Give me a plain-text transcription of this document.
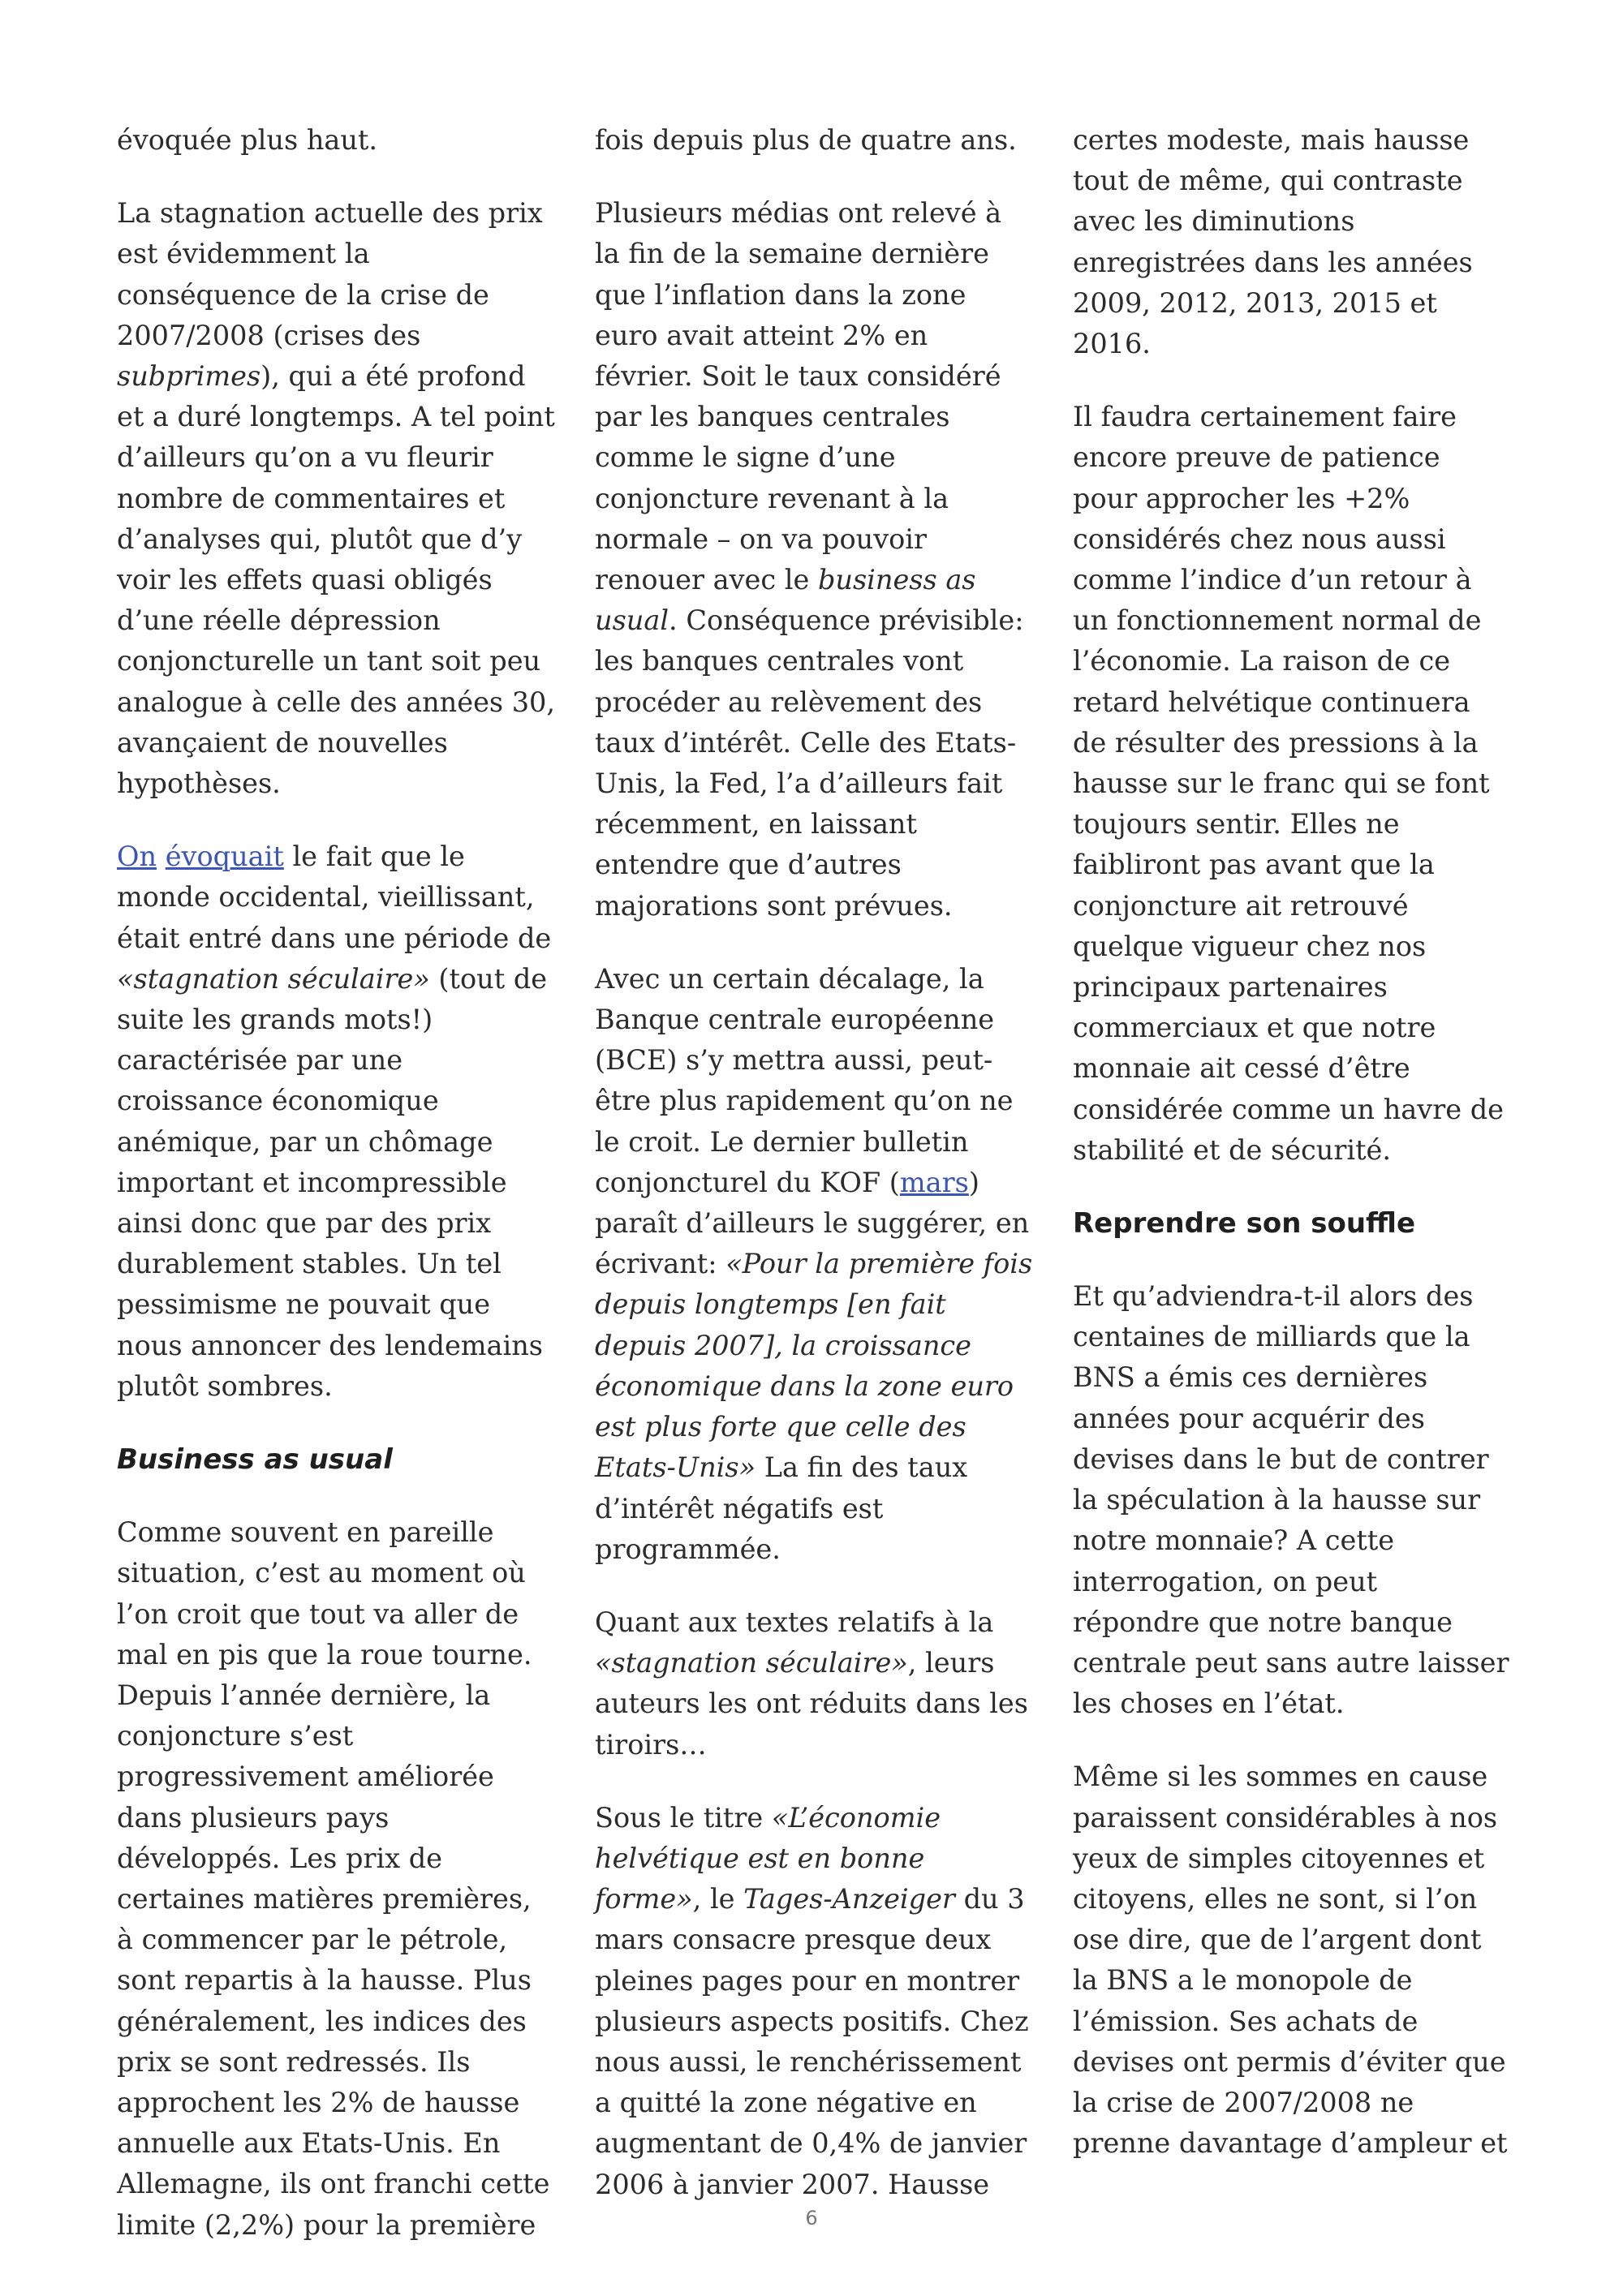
évoquée plus haut.

La stagnation actuelle des prix est évidemment la conséquence de la crise de 2007/2008 (crises des subprimes), qui a été profond et a duré longtemps. A tel point d’ailleurs qu’on a vu fleurir nombre de commentaires et d’analyses qui, plutôt que d’y voir les effets quasi obligés d’une réelle dépression conjoncturelle un tant soit peu analogue à celle des années 30, avançaient de nouvelles hypothèses.

On évoquait le fait que le monde occidental, vieillissant, était entré dans une période de «stagnation séculaire» (tout de suite les grands mots!) caractérisée par une croissance économique anémique, par un chômage important et incompressible ainsi donc que par des prix durablement stables. Un tel pessimisme ne pouvait que nous annoncer des lendemains plutôt sombres.

Business as usual

Comme souvent en pareille situation, c’est au moment où l’on croit que tout va aller de mal en pis que la roue tourne. Depuis l’année dernière, la conjoncture s’est progressivement améliorée dans plusieurs pays développés. Les prix de certaines matières premières, à commencer par le pétrole, sont repartis à la hausse. Plus généralement, les indices des prix se sont redressés. Ils approchent les 2% de hausse annuelle aux Etats-Unis. En Allemagne, ils ont franchi cette limite (2,2%) pour la première

fois depuis plus de quatre ans.

Plusieurs médias ont relevé à la fin de la semaine dernière que l’inflation dans la zone euro avait atteint 2% en février. Soit le taux considéré par les banques centrales comme le signe d’une conjoncture revenant à la normale – on va pouvoir renouer avec le business as usual. Conséquence prévisible: les banques centrales vont procéder au relèvement des taux d’intérêt. Celle des Etats-Unis, la Fed, l’a d’ailleurs fait récemment, en laissant entendre que d’autres majorations sont prévues.

Avec un certain décalage, la Banque centrale européenne (BCE) s’y mettra aussi, peut-être plus rapidement qu’on ne le croit. Le dernier bulletin conjoncturel du KOF (mars) paraît d’ailleurs le suggérer, en écrivant: «Pour la première fois depuis longtemps [en fait depuis 2007], la croissance économique dans la zone euro est plus forte que celle des Etats-Unis» La fin des taux d’intérêt négatifs est programmée.

Quant aux textes relatifs à la «stagnation séculaire», leurs auteurs les ont réduits dans les tiroirs…

Sous le titre «L’économie helvétique est en bonne forme», le Tages-Anzeiger du 3 mars consacre presque deux pleines pages pour en montrer plusieurs aspects positifs. Chez nous aussi, le renchérissement a quitté la zone négative en augmentant de 0,4% de janvier 2006 à janvier 2007. Hausse

certes modeste, mais hausse tout de même, qui contraste avec les diminutions enregistrées dans les années 2009, 2012, 2013, 2015 et 2016.

Il faudra certainement faire encore preuve de patience pour approcher les +2% considérés chez nous aussi comme l’indice d’un retour à un fonctionnement normal de l’économie. La raison de ce retard helvétique continuera de résulter des pressions à la hausse sur le franc qui se font toujours sentir. Elles ne faibliront pas avant que la conjoncture ait retrouvé quelque vigueur chez nos principaux partenaires commerciaux et que notre monnaie ait cessé d’être considérée comme un havre de stabilité et de sécurité.

Reprendre son souffle

Et qu’adviendra-t-il alors des centaines de milliards que la BNS a émis ces dernières années pour acquérir des devises dans le but de contrer la spéculation à la hausse sur notre monnaie? A cette interrogation, on peut répondre que notre banque centrale peut sans autre laisser les choses en l’état.

Même si les sommes en cause paraissent considérables à nos yeux de simples citoyennes et citoyens, elles ne sont, si l’on ose dire, que de l’argent dont la BNS a le monopole de l’émission. Ses achats de devises ont permis d’éviter que la crise de 2007/2008 ne prenne davantage d’ampleur et

6
